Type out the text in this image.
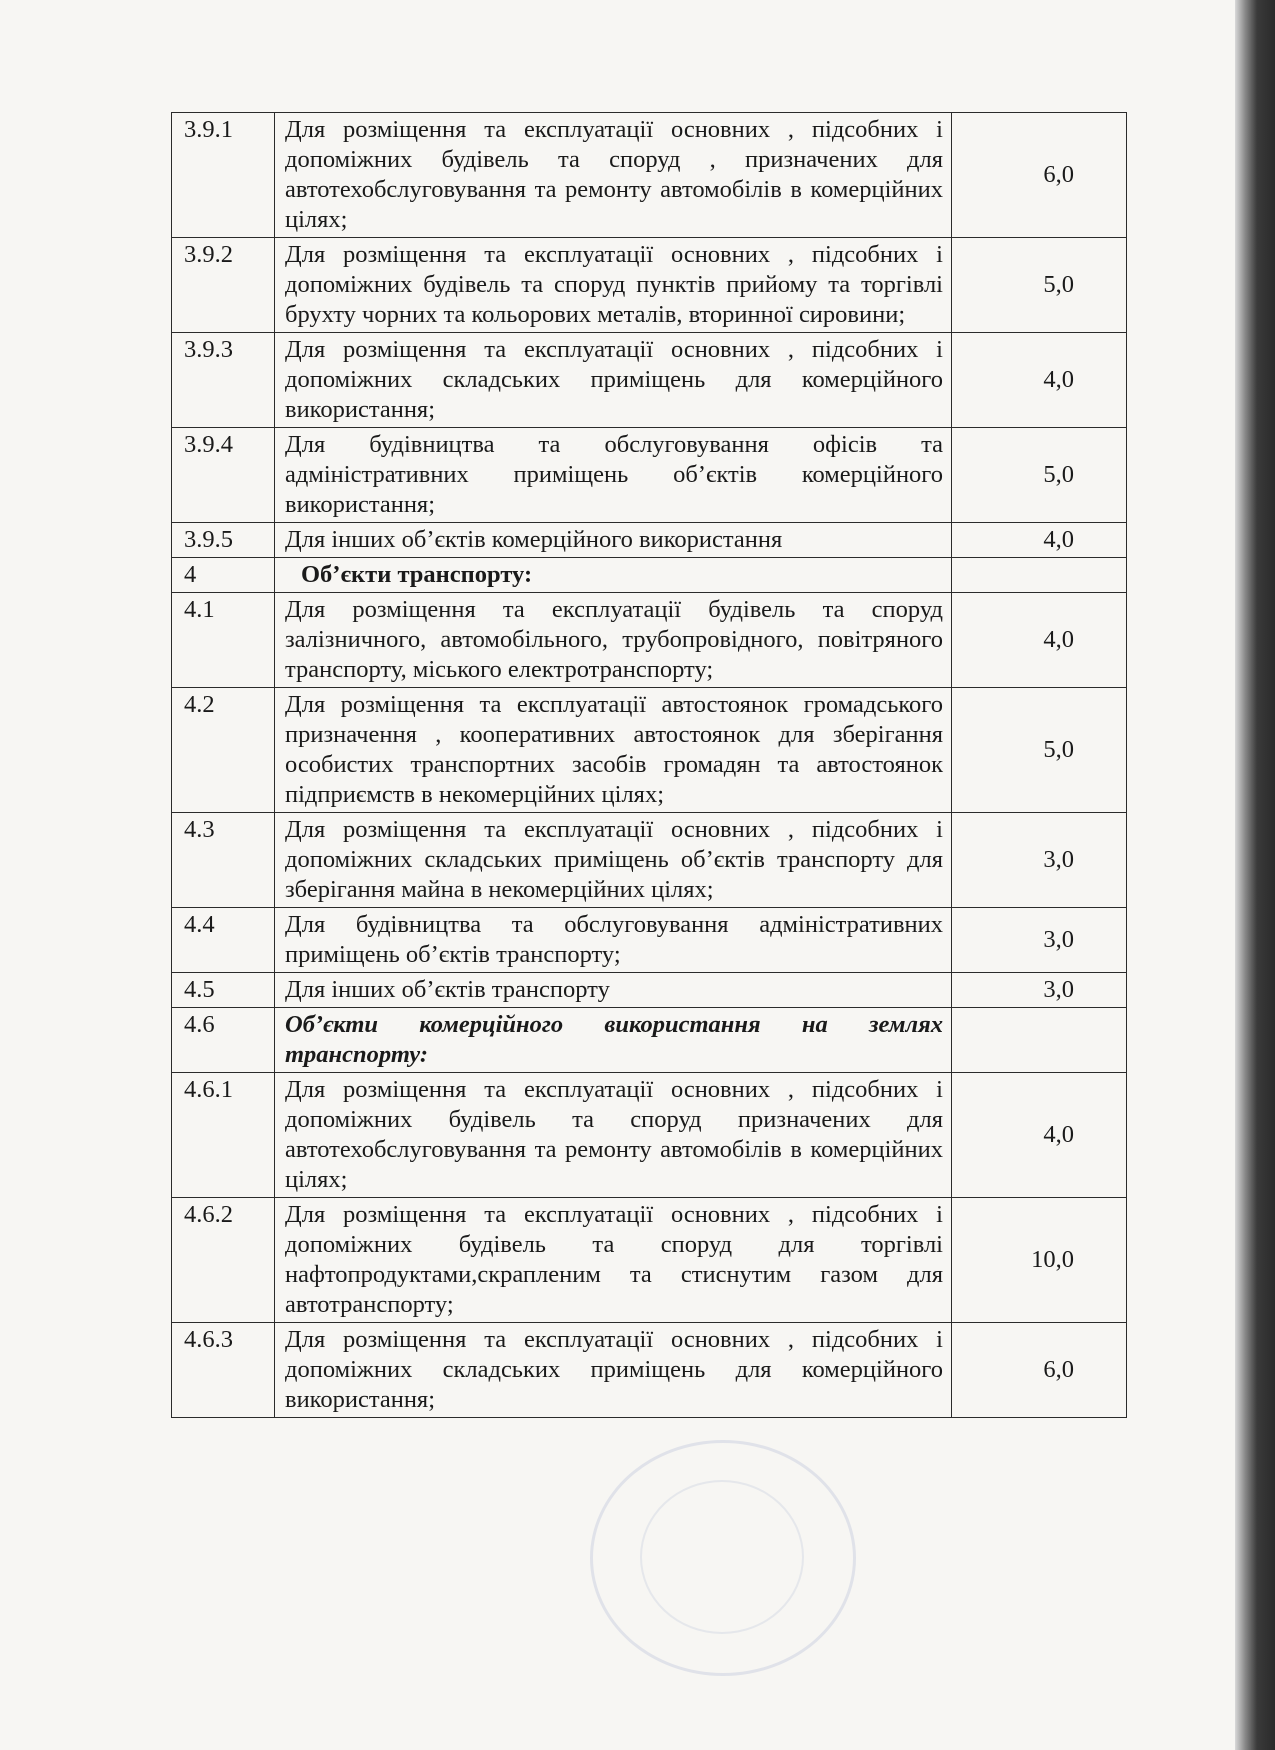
3.9.1	Для розміщення та експлуатації основних , підсобних і допоміжних будівель та споруд , призначених для автотехобслуговування та ремонту автомобілів в комерційних цілях;	6,0
3.9.2	Для розміщення та експлуатації основних , підсобних і допоміжних будівель та споруд пунктів прийому та торгівлі брухту чорних та кольорових металів, вторинної сировини;	5,0
3.9.3	Для розміщення та експлуатації основних , підсобних і допоміжних складських приміщень для комерційного використання;	4,0
3.9.4	Для будівництва та обслуговування офісів та адміністративних приміщень об’єктів комерційного використання;	5,0
3.9.5	Для інших об’єктів комерційного використання	4,0
4	Об’єкти транспорту:	
4.1	Для розміщення та експлуатації будівель та споруд залізничного, автомобільного, трубопровідного, повітряного транспорту, міського електротранспорту;	4,0
4.2	Для розміщення та експлуатації автостоянок громадського призначення , кооперативних автостоянок для зберігання особистих транспортних засобів громадян та автостоянок підприємств в некомерційних цілях;	5,0
4.3	Для розміщення та експлуатації основних , підсобних і допоміжних складських приміщень об’єктів транспорту для зберігання майна в некомерційних цілях;	3,0
4.4	Для будівництва та обслуговування адміністративних приміщень об’єктів транспорту;	3,0
4.5	Для інших об’єктів транспорту	3,0
4.6	Об’єкти комерційного використання на землях транспорту:	
4.6.1	Для розміщення та експлуатації основних , підсобних і допоміжних будівель та споруд призначених для автотехобслуговування та ремонту автомобілів в комерційних цілях;	4,0
4.6.2	Для розміщення та експлуатації основних , підсобних і допоміжних будівель та споруд для торгівлі нафтопродуктами,скрапленим та стиснутим газом для автотранспорту;	10,0
4.6.3	Для розміщення та експлуатації основних , підсобних і допоміжних складських приміщень для комерційного використання;	6,0
